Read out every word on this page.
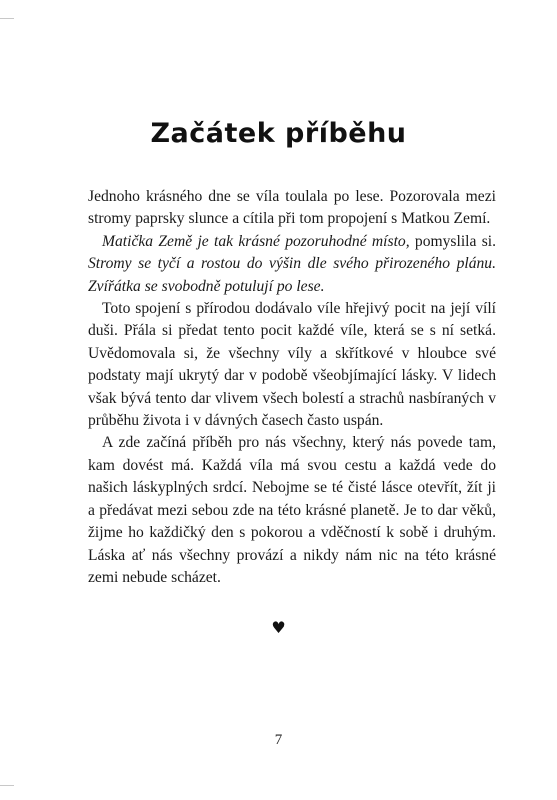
Začátek příběhu

Jednoho krásného dne se víla toulala po lese. Pozorovala mezi stromy paprsky slunce a cítila při tom propojení s Matkou Zemí.

Matička Země je tak krásné pozoruhodné místo, pomyslila si. Stromy se tyčí a rostou do výšin dle svého přirozeného plánu. Zvířátka se svobodně potulují po lese.

Toto spojení s přírodou dodávalo víle hřejivý pocit na její vílí duši. Přála si předat tento pocit každé víle, která se s ní setká. Uvědomovala si, že všechny víly a skřítkové v hloubce své podstaty mají ukrytý dar v podobě všeobjímající lásky. V lidech však bývá tento dar vlivem všech bolestí a strachů nasbíraných v průběhu života i v dávných časech často uspán.

A zde začíná příběh pro nás všechny, který nás povede tam, kam dovést má. Každá víla má svou cestu a každá vede do našich láskyplných srdcí. Nebojme se té čisté lásce otevřít, žít ji a předávat mezi sebou zde na této krásné planetě. Je to dar věků, žijme ho každičký den s pokorou a vděčností k sobě i druhým. Láska ať nás všechny provází a nikdy nám nic na této krásné zemi nebude scházet.

♥
7
